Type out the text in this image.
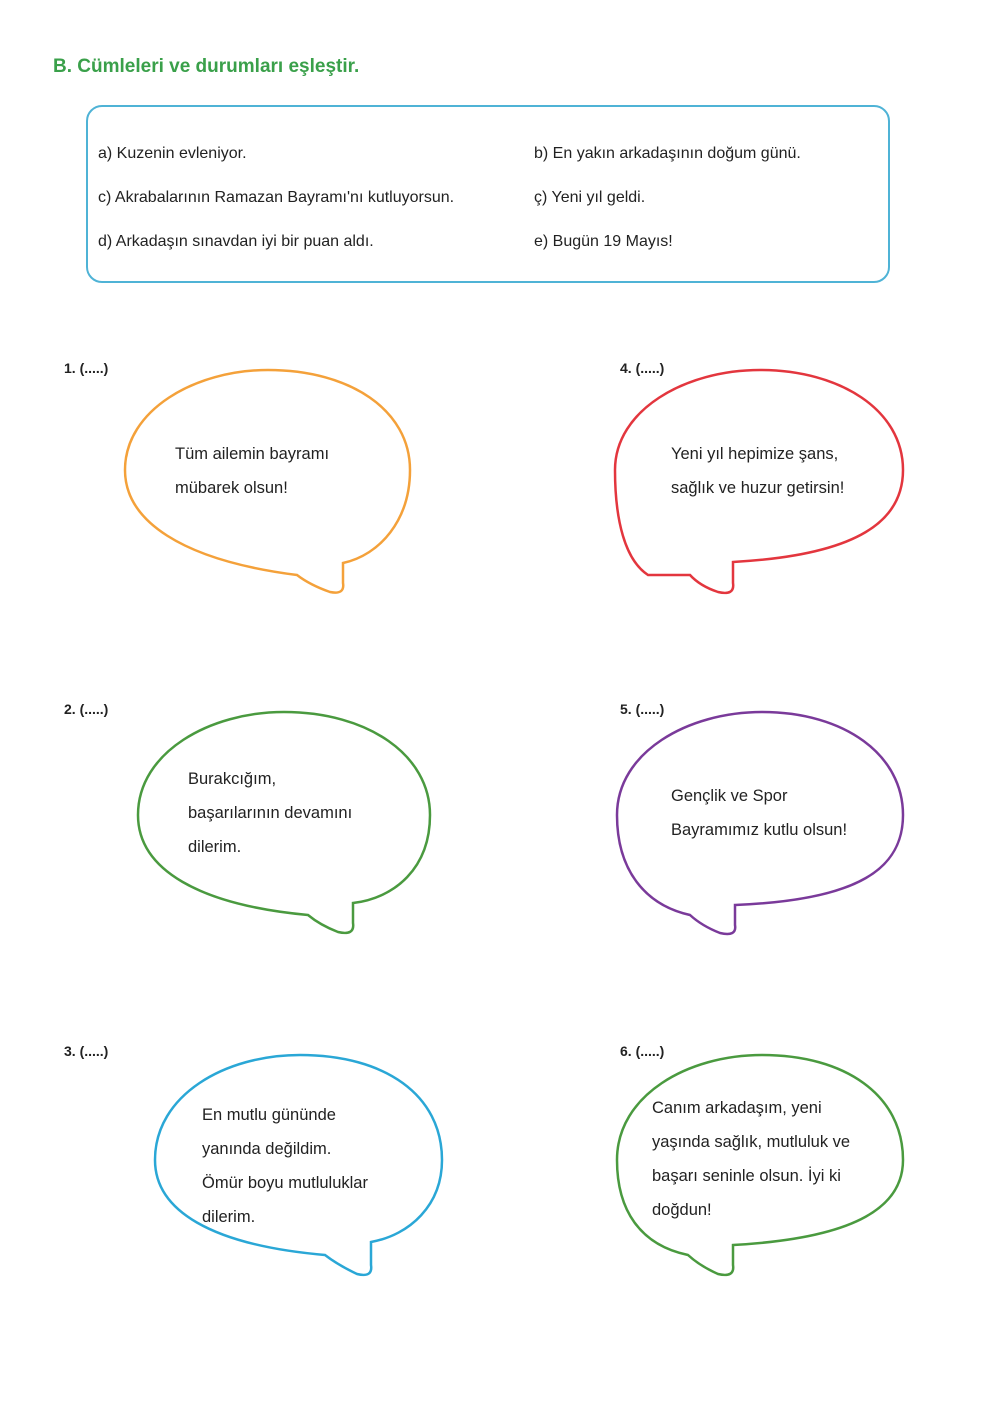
B. Cümleleri ve durumları eşleştir.
a) Kuzenin evleniyor.	b) En yakın arkadaşının doğum günü.
c) Akrabalarının Ramazan Bayramı'nı kutluyorsun.	ç) Yeni yıl geldi.
d) Arkadaşın sınavdan iyi bir puan aldı.	e) Bugün 19 Mayıs!
1. (.....)
2. (.....)
3. (.....)
4. (.....)
5. (.....)
6. (.....)
Tüm ailemin bayramı
mübarek olsun!
Burakcığım,
başarılarının devamını
dilerim.
En mutlu gününde
yanında değildim.
Ömür boyu mutluluklar
dilerim.
Yeni yıl hepimize şans,
sağlık ve huzur getirsin!
Gençlik ve Spor
Bayramımız kutlu olsun!
Canım arkadaşım, yeni
yaşında sağlık, mutluluk ve
başarı seninle olsun. İyi ki
doğdun!
